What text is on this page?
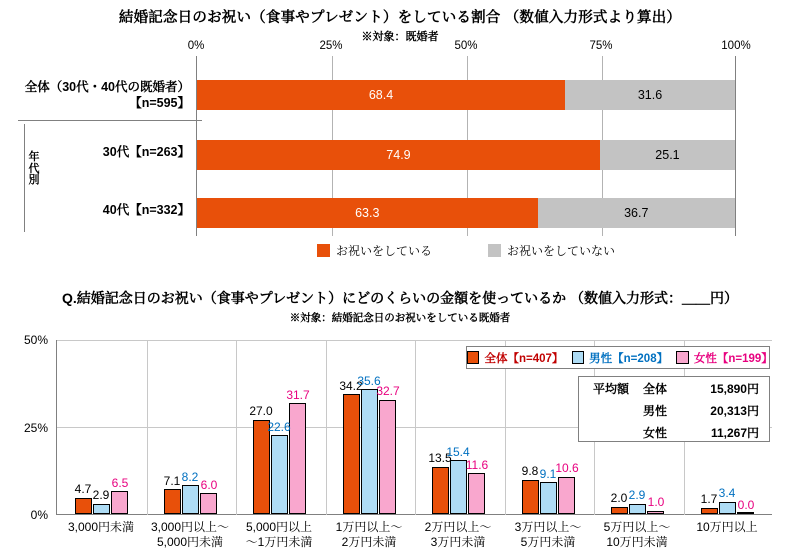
結婚記念日のお祝い（食事やプレゼント）をしている割合 （数値入力形式より算出）
※対象：既婚者
0%	25%	50%	75%	100%
全体（30代・40代の既婚者）
【n=595】
30代【n=263】
40代【n=332】
年
代
別
68.4	31.6
74.9	25.1
63.3	36.7
お祝いをしている	お祝いをしていない
Q.結婚記念日のお祝い（食事やプレゼント）にどのくらいの金額を使っているか （数値入力形式：＿＿円）
※対象：結婚記念日のお祝いをしている既婚者
0%
25%
50%
4.7 2.9
6.5	7.1 8.2
6.0
27.0
22.6
31.7
34.2
35.6
32.7
13.5
15.4
11.6	9.8 9.1
10.6
2.0 2.9 1.0	1.7 3.4
0.0
3,000円未満 3,000円以上～
5,000円未満
5,000円以上
～1万円未満
1万円以上～
2万円未満
2万円以上～
3万円未満
3万円以上～
5万円未満
5万円以上～
10万円未満
10万円以上
全体【n=407】 男性【n=208】 女性【n=199】
平均額	全体	15,890円
男性	20,313円
女性	11,267円
